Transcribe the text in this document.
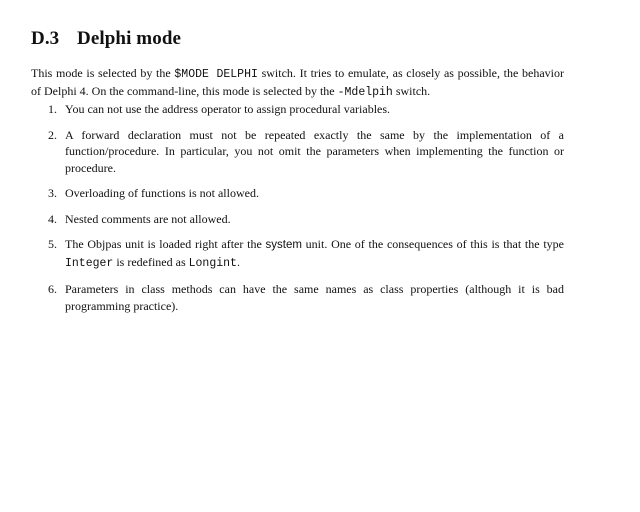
D.3 Delphi mode

This mode is selected by the $MODE DELPHI switch. It tries to emulate, as closely as possible, the behavior of Delphi 4. On the command-line, this mode is selected by the -Mdelpih switch.

1. You can not use the address operator to assign procedural variables.
2. A forward declaration must not be repeated exactly the same by the implementation of a function/procedure. In particular, you not omit the parameters when implementing the function or procedure.
3. Overloading of functions is not allowed.
4. Nested comments are not allowed.
5. The Objpas unit is loaded right after the system unit. One of the consequences of this is that the type Integer is redefined as Longint.
6. Parameters in class methods can have the same names as class properties (although it is bad programming practice).
